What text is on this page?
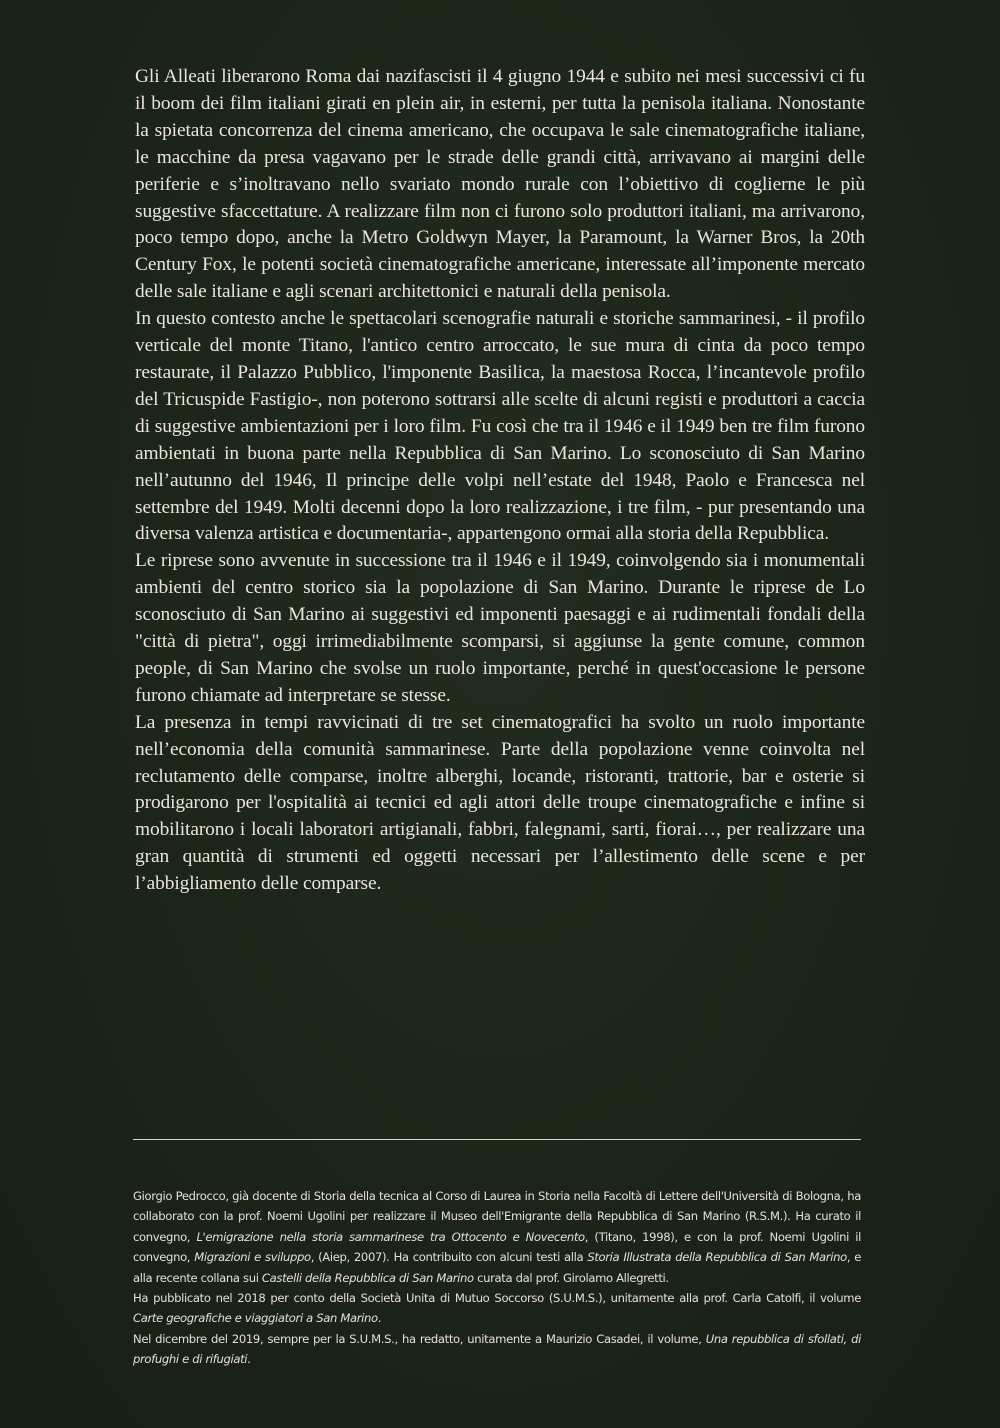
Gli Alleati liberarono Roma dai nazifascisti il 4 giugno 1944 e subito nei mesi successivi ci fu il boom dei film italiani girati en plein air, in esterni, per tutta la penisola italiana. Nonostante la spietata concorrenza del cinema americano, che occupava le sale cinematografiche italiane, le macchine da presa vagavano per le strade delle grandi città, arrivavano ai margini delle periferie e s’inoltravano nello svariato mondo rurale con l’obiettivo di coglierne le più suggestive sfaccettature. A realizzare film non ci furono solo produttori italiani, ma arrivarono, poco tempo dopo, anche la Metro Goldwyn Mayer, la Paramount, la Warner Bros, la 20th Century Fox, le potenti società cinematografiche americane, interessate all’imponente mercato delle sale italiane e agli scenari architettonici e naturali della penisola.

In questo contesto anche le spettacolari scenografie naturali e storiche sammarinesi, - il profilo verticale del monte Titano, l'antico centro arroccato, le sue mura di cinta da poco tempo restaurate, il Palazzo Pubblico, l'imponente Basilica, la maestosa Rocca, l’incantevole profilo del Tricuspide Fastigio-, non poterono sottrarsi alle scelte di alcuni registi e produttori a caccia di suggestive ambientazioni per i loro film. Fu così che tra il 1946 e il 1949 ben tre film furono ambientati in buona parte nella Repubblica di San Marino. Lo sconosciuto di San Marino nell’autunno del 1946, Il principe delle volpi nell’estate del 1948, Paolo e Francesca nel settembre del 1949. Molti decenni dopo la loro realizzazione, i tre film, - pur presentando una diversa valenza artistica e documentaria-, appartengono ormai alla storia della Repubblica.

Le riprese sono avvenute in successione tra il 1946 e il 1949, coinvolgendo sia i monumentali ambienti del centro storico sia la popolazione di San Marino. Durante le riprese de Lo sconosciuto di San Marino ai suggestivi ed imponenti paesaggi e ai rudimentali fondali della "città di pietra", oggi irrimediabilmente scomparsi, si aggiunse la gente comune, common people, di San Marino che svolse un ruolo importante, perché in quest'occasione le persone furono chiamate ad interpretare se stesse.

La presenza in tempi ravvicinati di tre set cinematografici ha svolto un ruolo importante nell’economia della comunità sammarinese. Parte della popolazione venne coinvolta nel reclutamento delle comparse, inoltre alberghi, locande, ristoranti, trattorie, bar e osterie si prodigarono per l'ospitalità ai tecnici ed agli attori delle troupe cinematografiche e infine si mobilitarono i locali laboratori artigianali, fabbri, falegnami, sarti, fiorai…, per realizzare una gran quantità di strumenti ed oggetti necessari per l’allestimento delle scene e per l’abbigliamento delle comparse.

Giorgio Pedrocco, già docente di Storia della tecnica al Corso di Laurea in Storia nella Facoltà di Lettere dell'Università di Bologna, ha collaborato con la prof. Noemi Ugolini per realizzare il Museo dell'Emigrante della Repubblica di San Marino (R.S.M.). Ha curato il convegno, L'emigrazione nella storia sammarinese tra Ottocento e Novecento, (Titano, 1998), e con la prof. Noemi Ugolini il convegno, Migrazioni e sviluppo, (Aiep, 2007). Ha contribuito con alcuni testi alla Storia Illustrata della Repubblica di San Marino, e alla recente collana sui Castelli della Repubblica di San Marino curata dal prof. Girolamo Allegretti.

Ha pubblicato nel 2018 per conto della Società Unita di Mutuo Soccorso (S.U.M.S.), unitamente alla prof. Carla Catolfi, il volume Carte geografiche e viaggiatori a San Marino.

Nel dicembre del 2019, sempre per la S.U.M.S., ha redatto, unitamente a Maurizio Casadei, il volume, Una repubblica di sfollati, di profughi e di rifugiati.
